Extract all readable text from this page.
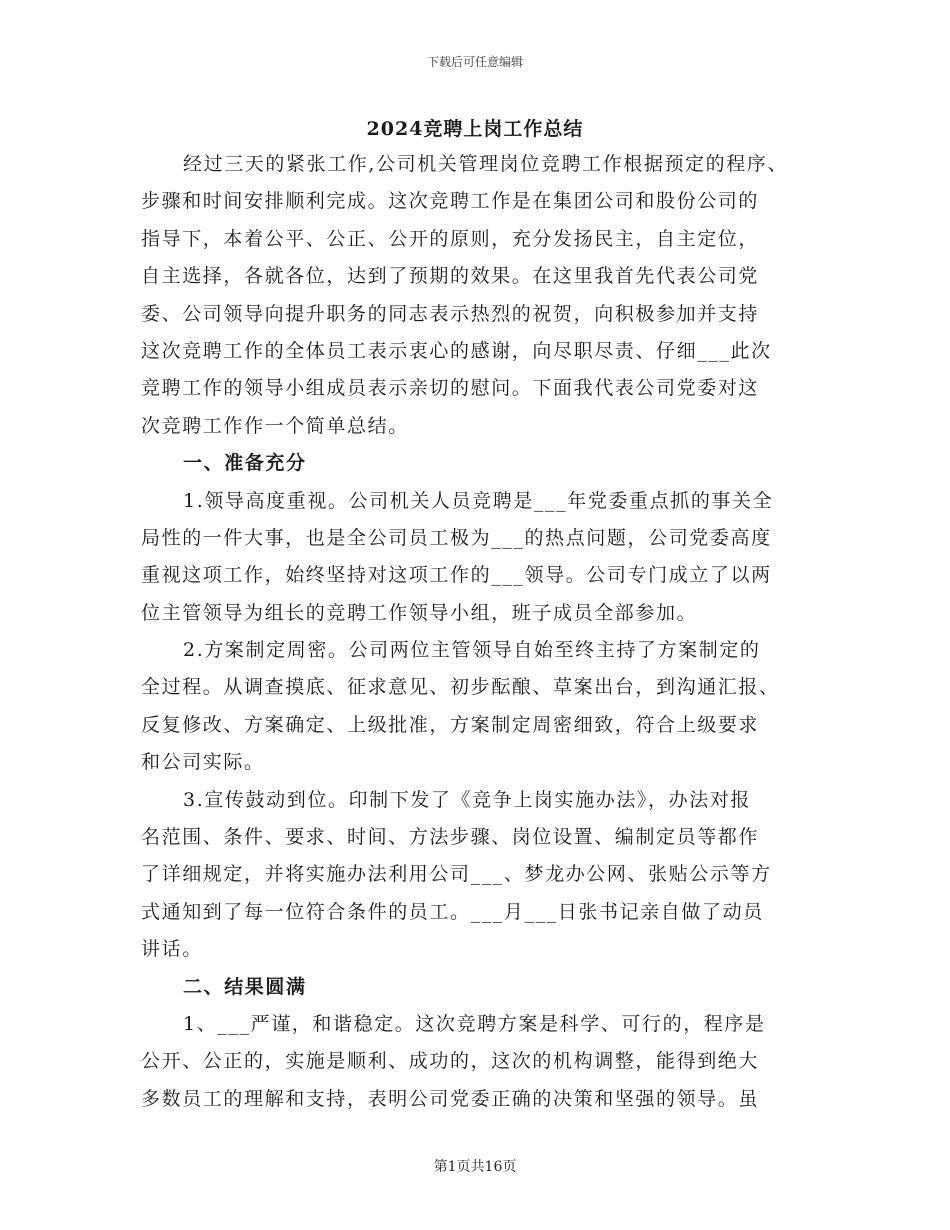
下载后可任意编辑
2024竞聘上岗工作总结
经过三天的紧张工作,公司机关管理岗位竞聘工作根据预定的程序、
步骤和时间安排顺利完成。这次竞聘工作是在集团公司和股份公司的
指导下，本着公平、公正、公开的原则，充分发扬民主，自主定位，
自主选择，各就各位，达到了预期的效果。在这里我首先代表公司党
委、公司领导向提升职务的同志表示热烈的祝贺，向积极参加并支持
这次竞聘工作的全体员工表示衷心的感谢，向尽职尽责、仔细___此次
竞聘工作的领导小组成员表示亲切的慰问。下面我代表公司党委对这
次竞聘工作作一个简单总结。
一、准备充分
1.领导高度重视。公司机关人员竞聘是___年党委重点抓的事关全
局性的一件大事，也是全公司员工极为___的热点问题，公司党委高度
重视这项工作，始终坚持对这项工作的___领导。公司专门成立了以两
位主管领导为组长的竞聘工作领导小组，班子成员全部参加。
2.方案制定周密。公司两位主管领导自始至终主持了方案制定的
全过程。从调查摸底、征求意见、初步酝酿、草案出台，到沟通汇报、
反复修改、方案确定、上级批准，方案制定周密细致，符合上级要求
和公司实际。
3.宣传鼓动到位。印制下发了《竞争上岗实施办法》，办法对报
名范围、条件、要求、时间、方法步骤、岗位设置、编制定员等都作
了详细规定，并将实施办法利用公司___、梦龙办公网、张贴公示等方
式通知到了每一位符合条件的员工。___月___日张书记亲自做了动员
讲话。
二、结果圆满
1、___严谨，和谐稳定。这次竞聘方案是科学、可行的，程序是
公开、公正的，实施是顺利、成功的，这次的机构调整，能得到绝大
多数员工的理解和支持，表明公司党委正确的决策和坚强的领导。虽
第1页共16页
